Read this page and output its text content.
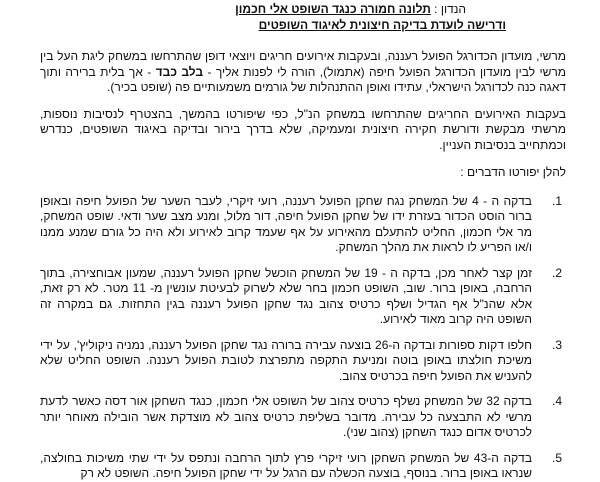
הנדון : תלונה חמורה כנגד השופט אלי חכמון
ודרישה לועדת בדיקה חיצונית לאיגוד השופטים

מרשי, מועדון הכדורגל הפועל רעננה, ובעקבות אירועים חריגים ויוצאי דופן שהתרחשו במשחק ליגת העל בין מרשי לבין מועדון הכדורגל הפועל חיפה (אתמול), הורה לי לפנות אליך - בלב כבד - אך בלית ברירה ותוך דאגה כנה לכדורגל הישראלי, עתידו ואופן ההתנהלות של גורמים משמעותיים פה (שופט בכיר).

בעקבות האירועים החריגים שהתרחשו במשחק הנ"ל, כפי שיפורטו בהמשך, בהצטרף לנסיבות נוספות, מרשתי מבקשת ודורשת חקירה חיצונית ומעמיקה, שלא בדרך בירור ובדיקה באיגוד השופטים, כנדרש וכמתחייב בנסיבות העניין.

להלן יפורטו הדברים :

1.
בדקה ה - 4 של המשחק נגח שחקן הפועל רעננה, רועי זיקרי, לעבר השער של הפועל חיפה ובאופן ברור הוסט הכדור בעזרת ידו של שחקן הפועל חיפה, דור מלול, ומנע מצב שער ודאי. שופט המשחק, מר אלי חכמון, החליט להתעלם מהאירוע על אף שעמד קרוב לאירוע ולא היה כל גורם שמנע ממנו ו/או הפריע לו לראות את מהלך המשחק.
2.
זמן קצר לאחר מכן, בדקה ה - 19 של המשחק הוכשל שחקן הפועל רעננה, שמעון אבוחצירה, בתוך הרחבה, באופן ברור. שוב, השופט חכמון בחר שלא לשרוק לבעיטת עונשין מ- 11 מטר. לא רק זאת, אלא שהנ"ל אף הגדיל ושלף כרטיס צהוב נגד שחקן הפועל רעננה בגין התחזות. גם במקרה זה השופט היה קרוב מאוד לאירוע.
3.
חלפו דקות ספורות ובדקה ה-26 בוצעה עבירה ברורה נגד שחקן הפועל רעננה, נמניה ניקוליץ', על ידי משיכת חולצתו באופן בוטה ומניעת התקפה מתפרצת לטובת הפועל רעננה. השופט החליט שלא להעניש את הפועל חיפה בכרטיס צהוב.
4.
בדקה 32 של המשחק נשלף כרטיס צהוב של השופט אלי חכמון, כנגד השחקן אור דסה כאשר לדעת מרשי לא התבצעה כל עבירה. מדובר בשליפת כרטיס צהוב לא מוצדקת אשר הובילה מאוחר יותר לכרטיס אדום כנגד השחקן (צהוב שני).
5.
בדקה ה-43 של המשחק השחקן רועי זיקרי פרץ לתוך הרחבה ונתפס על ידי שתי משיכות בחולצה, שנראו באופן ברור. בנוסף, בוצעה הכשלה עם הרגל על ידי שחקן הפועל חיפה. השופט לא רק
